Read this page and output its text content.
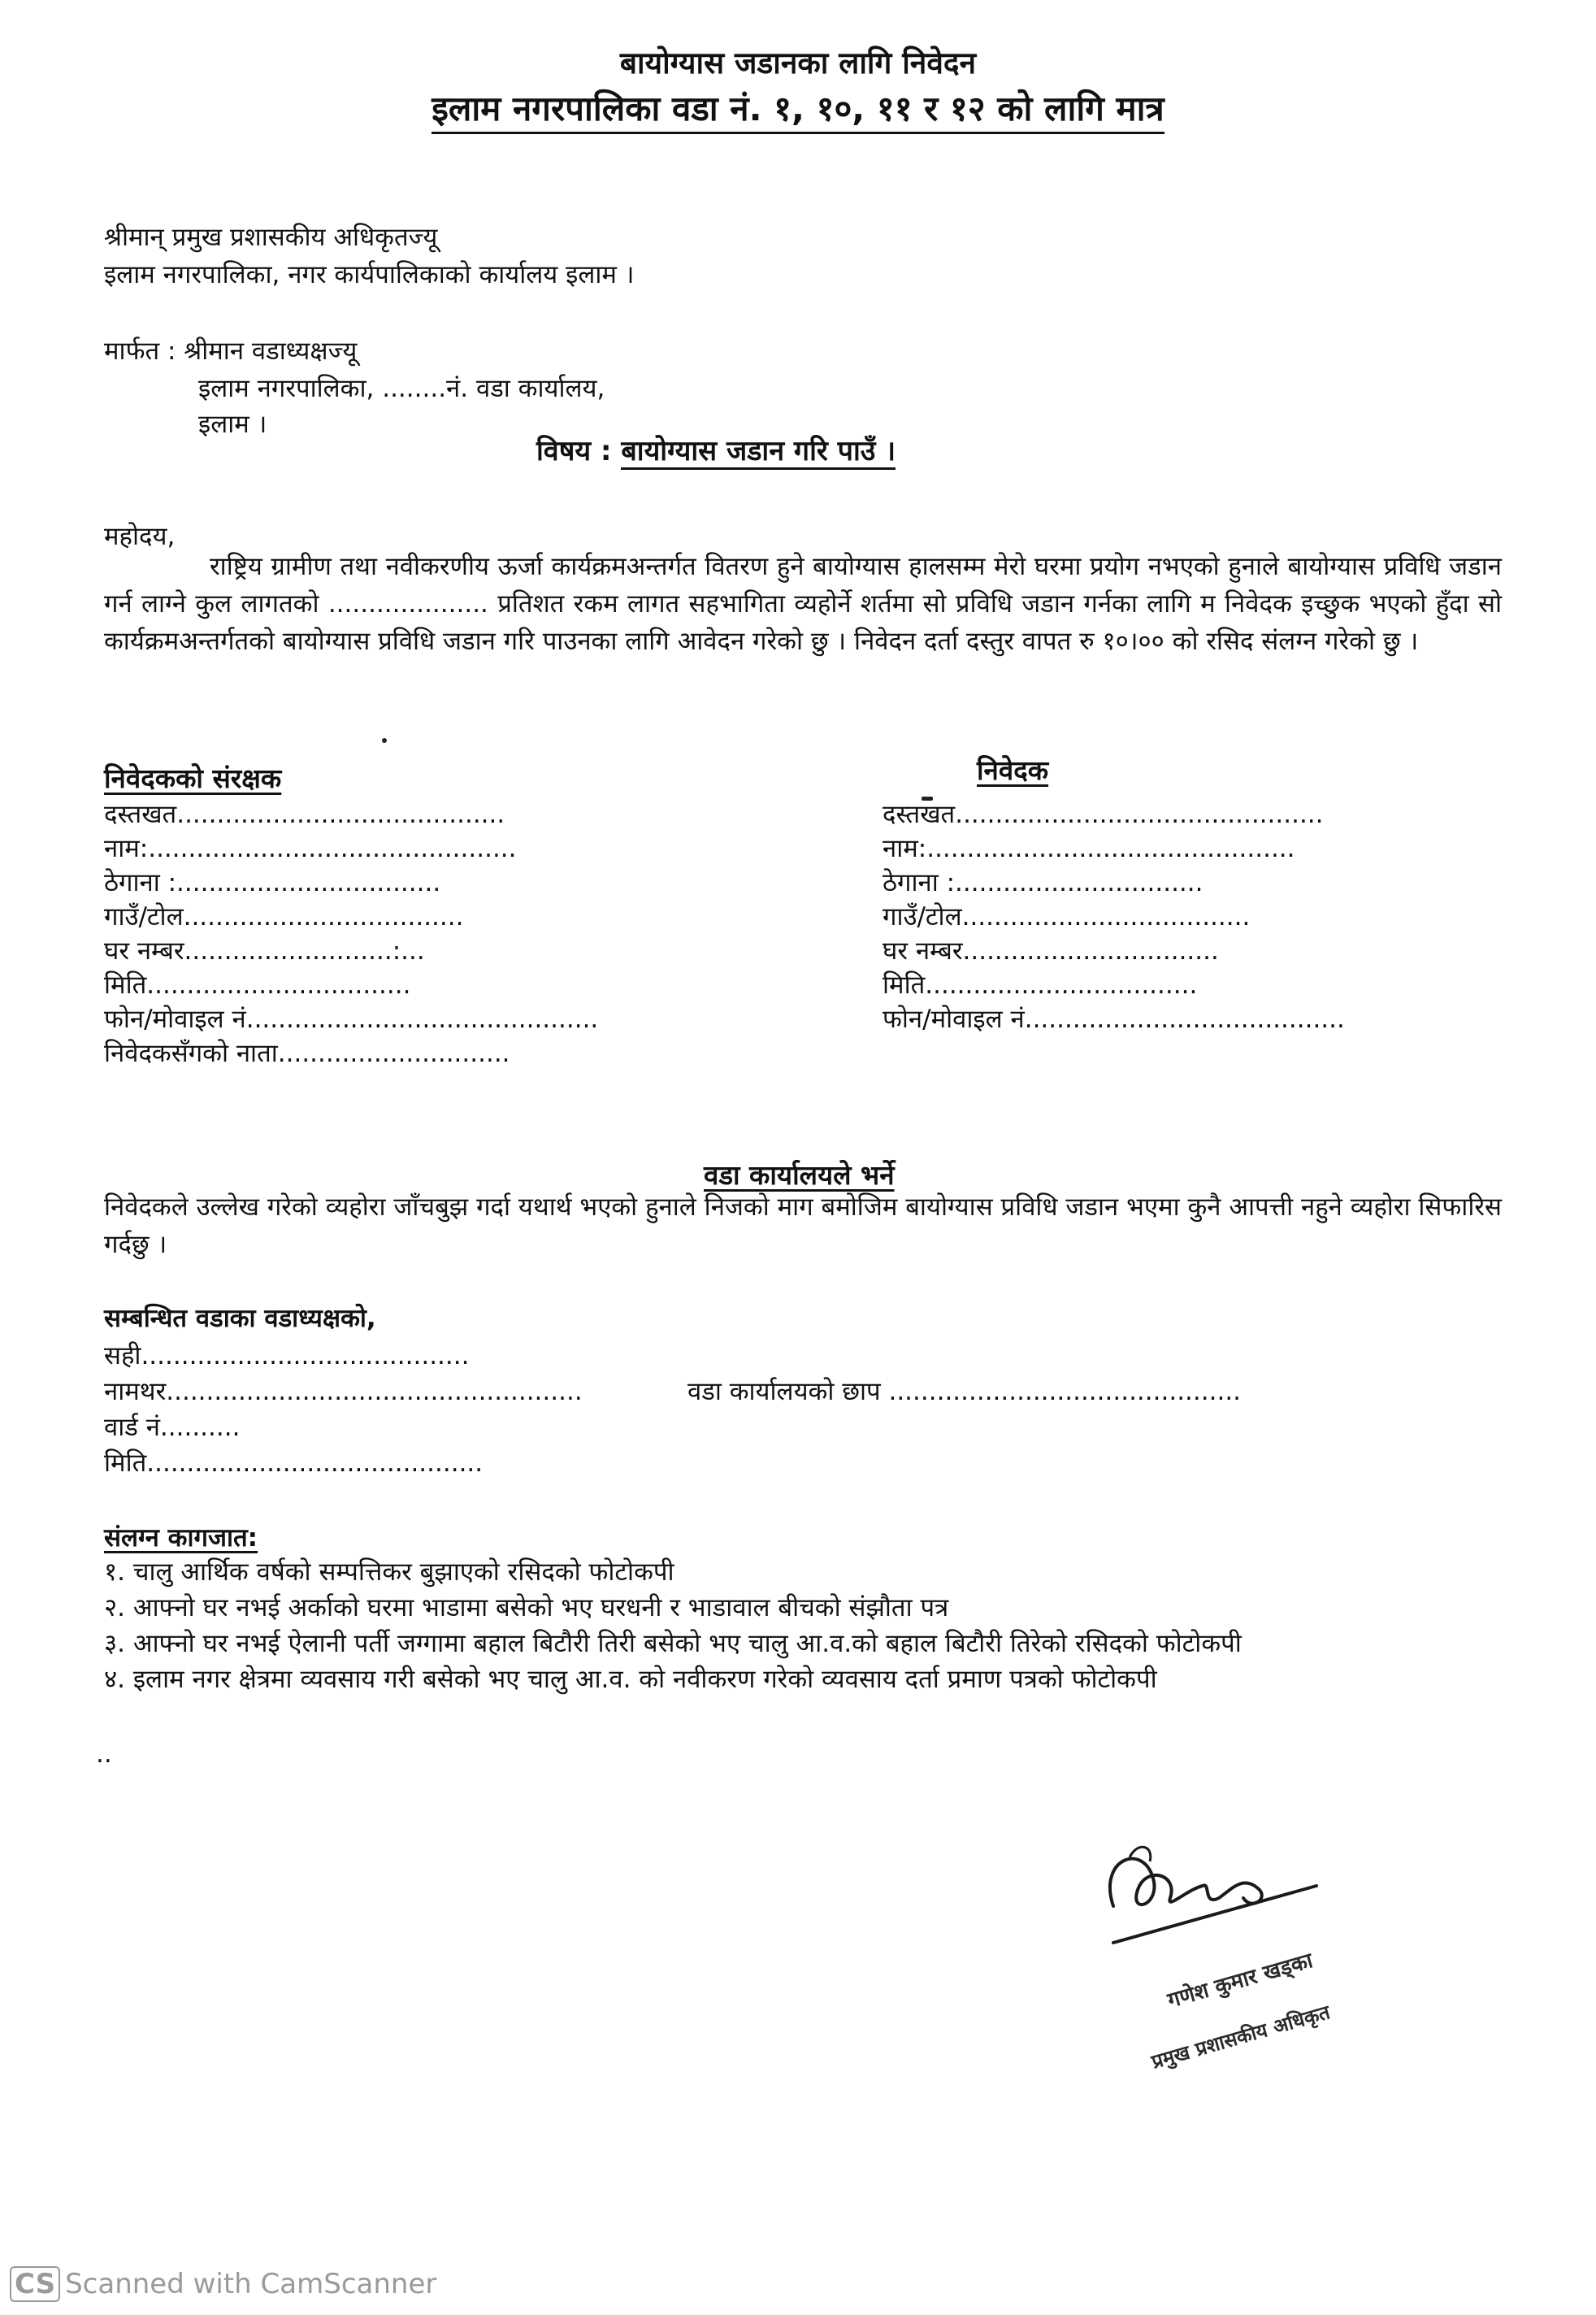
बायोग्यास जडानका लागि निवेदन
इलाम नगरपालिका वडा नं. १, १०, ११ र १२ को लागि मात्र
श्रीमान् प्रमुख प्रशासकीय अधिकृतज्यू
इलाम नगरपालिका, नगर कार्यपालिकाको कार्यालय इलाम ।
मार्फत : श्रीमान वडाध्यक्षज्यू
इलाम नगरपालिका, ........नं. वडा कार्यालय,
इलाम ।
विषय : बायोग्यास जडान गरि पाउँ ।
महोदय,
राष्ट्रिय ग्रामीण तथा नवीकरणीय ऊर्जा कार्यक्रमअन्तर्गत वितरण हुने बायोग्यास हालसम्म मेरो घरमा प्रयोग नभएको हुनाले बायोग्यास प्रविधि जडान गर्न लाग्ने कुल लागतको .................... प्रतिशत रकम लागत सहभागिता व्यहोर्ने शर्तमा सो प्रविधि जडान गर्नका लागि म निवेदक इच्छुक भएको हुँदा सो कार्यक्रमअन्तर्गतको बायोग्यास प्रविधि जडान गरि पाउनका लागि आवेदन गरेको छु । निवेदन दर्ता दस्तुर वापत रु १०।०० को रसिद संलग्न गरेको छु ।
निवेदकको संरक्षक
दस्तखत.........................................
नाम:..............................................
ठेगाना :.................................
गाउँ/टोल...................................
घर नम्बर..........................:...
मिति.................................
फोन/मोवाइल नं............................................
निवेदकसँगको नाता.............................
निवेदक
दस्तखत..............................................
नाम:..............................................
ठेगाना :...............................
गाउँ/टोल....................................
घर नम्बर................................
मिति..................................
फोन/मोवाइल नं........................................
वडा कार्यालयले भर्ने
निवेदकले उल्लेख गरेको व्यहोरा जाँचबुझ गर्दा यथार्थ भएको हुनाले निजको माग बमोजिम बायोग्यास प्रविधि जडान भएमा कुनै आपत्ती नहुने व्यहोरा सिफारिस गर्दछु ।
सम्बन्धित वडाका वडाध्यक्षको,
सही.........................................
नामथर....................................................
वार्ड नं..........
मिति..........................................
वडा कार्यालयको छाप ............................................
संलग्न कागजात:
१. चालु आर्थिक वर्षको सम्पत्तिकर बुझाएको रसिदको फोटोकपी
२. आफ्नो घर नभई अर्काको घरमा भाडामा बसेको भए घरधनी र भाडावाल बीचको संझौता पत्र
३. आफ्नो घर नभई ऐलानी पर्ती जग्गामा बहाल बिटौरी तिरी बसेको भए चालु आ.व.को बहाल बिटौरी तिरेको रसिदको फोटोकपी
४. इलाम नगर क्षेत्रमा व्यवसाय गरी बसेको भए चालु आ.व. को नवीकरण गरेको व्यवसाय दर्ता प्रमाण पत्रको फोटोकपी
..
गणेश कुमार खड्का
प्रमुख प्रशासकीय अधिकृत
CS Scanned with CamScanner
